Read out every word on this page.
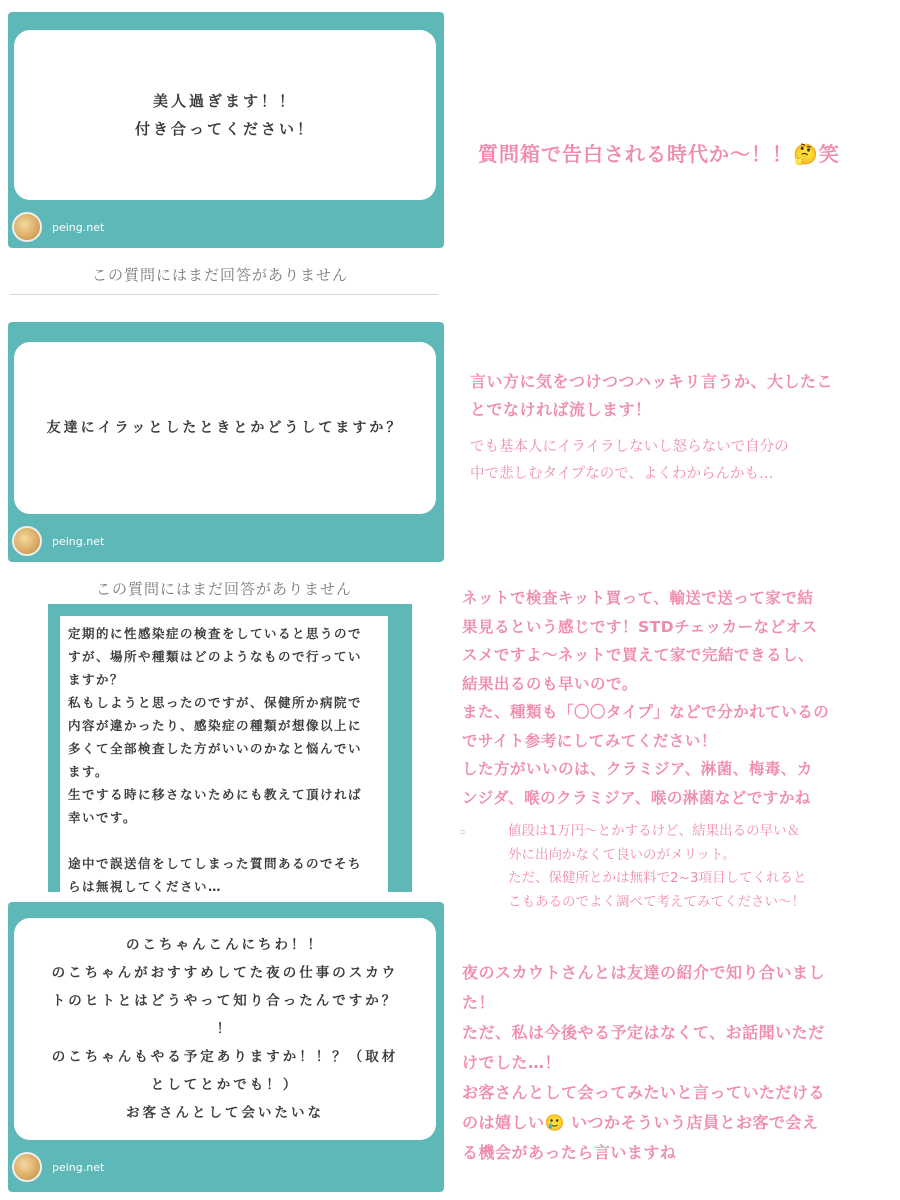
美人過ぎます！！
付き合ってください！
peing.net
この質問にはまだ回答がありません
質問箱で告白される時代か〜！！🤔笑
友達にイラッとしたときとかどうしてますか？
peing.net
この質問にはまだ回答がありません
言い方に気をつけつつハッキリ言うか、大したこ
とでなければ流します！
でも基本人にイライラしないし怒らないで自分の
中で悲しむタイプなので、よくわからんかも…
定期的に性感染症の検査をしていると思うので
すが、場所や種類はどのようなもので行ってい
ますか？
私もしようと思ったのですが、保健所か病院で
内容が違かったり、感染症の種類が想像以上に
多くて全部検査した方がいいのかなと悩んでい
ます。
生でする時に移さないためにも教えて頂ければ
幸いです。

途中で誤送信をしてしまった質問あるのでそち
らは無視してください…
ネットで検査キット買って、輸送で送って家で結
果見るという感じです！STDチェッカーなどオス
スメですよ〜ネットで買えて家で完結できるし、
結果出るのも早いので。
また、種類も「〇〇タイプ」などで分かれているの
でサイト参考にしてみてください！
した方がいいのは、クラミジア、淋菌、梅毒、カ
ンジダ、喉のクラミジア、喉の淋菌などですかね
。	値段は1万円〜とかするけど、結果出るの早い＆
外に出向かなくて良いのがメリット。
ただ、保健所とかは無料で2~3項目してくれると
こもあるのでよく調べて考えてみてください〜！
のこちゃんこんにちわ！！
のこちゃんがおすすめしてた夜の仕事のスカウ
トのヒトとはどうやって知り合ったんですか？
！
のこちゃんもやる予定ありますか！！？（取材
としてとかでも！）
お客さんとして会いたいな
peing.net
夜のスカウトさんとは友達の紹介で知り合いまし
た！
ただ、私は今後やる予定はなくて、お話聞いただ
けでした…！
お客さんとして会ってみたいと言っていただける
のは嬉しい🥲 いつかそういう店員とお客で会え
る機会があったら言いますね
